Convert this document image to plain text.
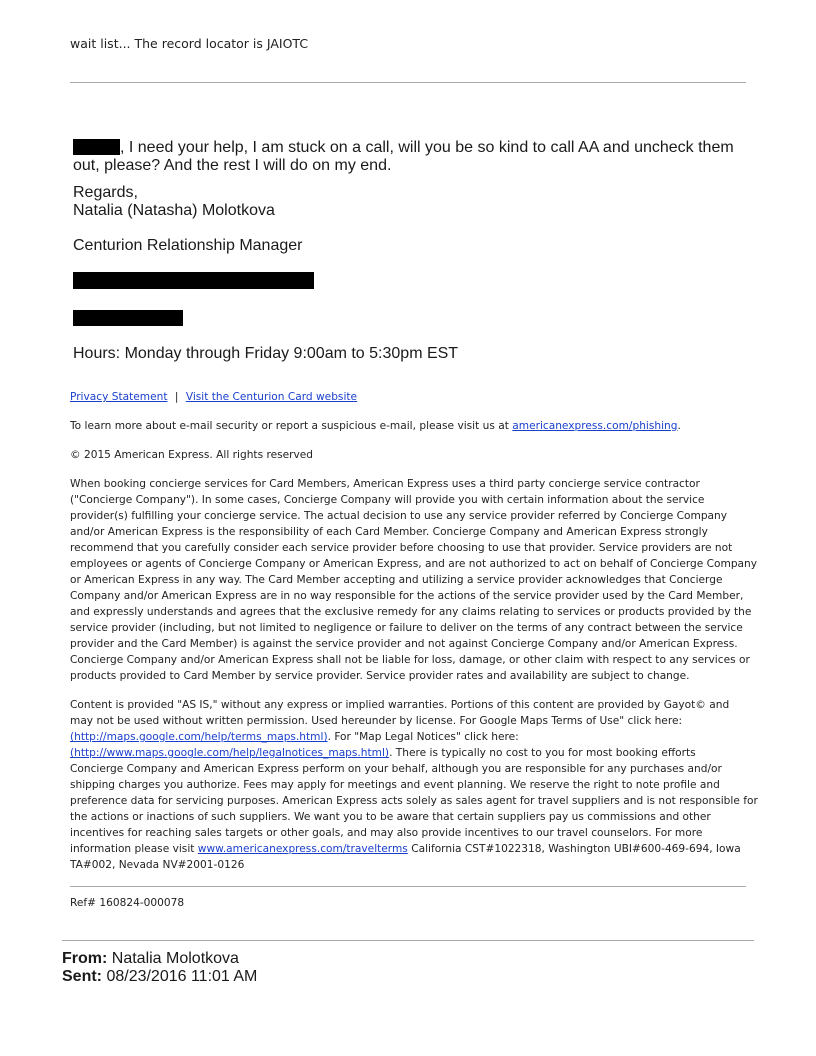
wait list... The record locator is JAIOTC
, I need your help, I am stuck on a call, will you be so kind to call AA and uncheck them
out, please? And the rest I will do on my end.
Regards,
Natalia (Natasha) Molotkova
Centurion Relationship Manager
Hours: Monday through Friday 9:00am to 5:30pm EST
Privacy Statement | Visit the Centurion Card website
To learn more about e-mail security or report a suspicious e-mail, please visit us at americanexpress.com/phishing.
© 2015 American Express. All rights reserved
When booking concierge services for Card Members, American Express uses a third party concierge service contractor
("Concierge Company"). In some cases, Concierge Company will provide you with certain information about the service
provider(s) fulfilling your concierge service. The actual decision to use any service provider referred by Concierge Company
and/or American Express is the responsibility of each Card Member. Concierge Company and American Express strongly
recommend that you carefully consider each service provider before choosing to use that provider. Service providers are not
employees or agents of Concierge Company or American Express, and are not authorized to act on behalf of Concierge Company
or American Express in any way. The Card Member accepting and utilizing a service provider acknowledges that Concierge
Company and/or American Express are in no way responsible for the actions of the service provider used by the Card Member,
and expressly understands and agrees that the exclusive remedy for any claims relating to services or products provided by the
service provider (including, but not limited to negligence or failure to deliver on the terms of any contract between the service
provider and the Card Member) is against the service provider and not against Concierge Company and/or American Express.
Concierge Company and/or American Express shall not be liable for loss, damage, or other claim with respect to any services or
products provided to Card Member by service provider. Service provider rates and availability are subject to change.
Content is provided "AS IS," without any express or implied warranties. Portions of this content are provided by Gayot© and
may not be used without written permission. Used hereunder by license. For Google Maps Terms of Use" click here:
(http://maps.google.com/help/terms_maps.html). For "Map Legal Notices" click here:
(http://www.maps.google.com/help/legalnotices_maps.html). There is typically no cost to you for most booking efforts
Concierge Company and American Express perform on your behalf, although you are responsible for any purchases and/or
shipping charges you authorize. Fees may apply for meetings and event planning. We reserve the right to note profile and
preference data for servicing purposes. American Express acts solely as sales agent for travel suppliers and is not responsible for
the actions or inactions of such suppliers. We want you to be aware that certain suppliers pay us commissions and other
incentives for reaching sales targets or other goals, and may also provide incentives to our travel counselors. For more
information please visit www.americanexpress.com/travelterms California CST#1022318, Washington UBI#600-469-694, Iowa
TA#002, Nevada NV#2001-0126
Ref# 160824-000078
From: Natalia Molotkova
Sent: 08/23/2016 11:01 AM
